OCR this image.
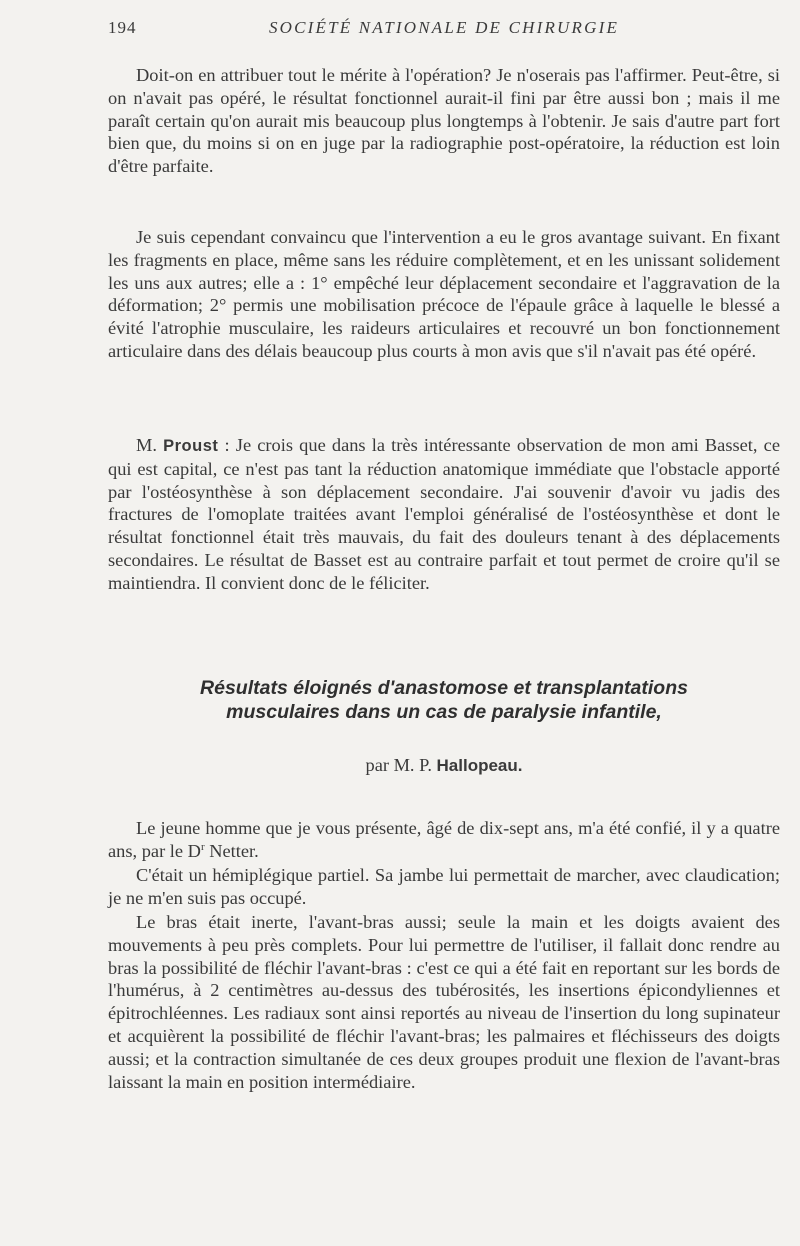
194	SOCIÉTÉ NATIONALE DE CHIRURGIE

Doit-on en attribuer tout le mérite à l'opération? Je n'oserais pas l'affirmer. Peut-être, si on n'avait pas opéré, le résultat fonctionnel aurait-il fini par être aussi bon ; mais il me paraît certain qu'on aurait mis beaucoup plus longtemps à l'obtenir. Je sais d'autre part fort bien que, du moins si on en juge par la radiographie post-opératoire, la réduction est loin d'être parfaite.

Je suis cependant convaincu que l'intervention a eu le gros avantage suivant. En fixant les fragments en place, même sans les réduire complètement, et en les unissant solidement les uns aux autres; elle a : 1° empêché leur déplacement secondaire et l'aggravation de la déformation; 2° permis une mobilisation précoce de l'épaule grâce à laquelle le blessé a évité l'atrophie musculaire, les raideurs articulaires et recouvré un bon fonctionnement articulaire dans des délais beaucoup plus courts à mon avis que s'il n'avait pas été opéré.

M. Proust : Je crois que dans la très intéressante observation de mon ami Basset, ce qui est capital, ce n'est pas tant la réduction anatomique immédiate que l'obstacle apporté par l'ostéosynthèse à son déplacement secondaire. J'ai souvenir d'avoir vu jadis des fractures de l'omoplate traitées avant l'emploi généralisé de l'ostéosynthèse et dont le résultat fonctionnel était très mauvais, du fait des douleurs tenant à des déplacements secondaires. Le résultat de Basset est au contraire parfait et tout permet de croire qu'il se maintiendra. Il convient donc de le féliciter.

Résultats éloignés d'anastomose et transplantations
musculaires dans un cas de paralysie infantile,

par M. P. Hallopeau.

Le jeune homme que je vous présente, âgé de dix-sept ans, m'a été confié, il y a quatre ans, par le $D^r$ Netter.

C'était un hémiplégique partiel. Sa jambe lui permettait de marcher, avec claudication; je ne m'en suis pas occupé.

Le bras était inerte, l'avant-bras aussi; seule la main et les doigts avaient des mouvements à peu près complets. Pour lui permettre de l'utiliser, il fallait donc rendre au bras la possibilité de fléchir l'avant-bras : c'est ce qui a été fait en reportant sur les bords de l'humérus, à 2 centimètres au-dessus des tubérosités, les insertions épicondyliennes et épitrochléennes. Les radiaux sont ainsi reportés au niveau de l'insertion du long supinateur et acquièrent la possibilité de fléchir l'avant-bras; les palmaires et fléchisseurs des doigts aussi; et la contraction simultanée de ces deux groupes produit une flexion de l'avant-bras laissant la main en position intermédiaire.
